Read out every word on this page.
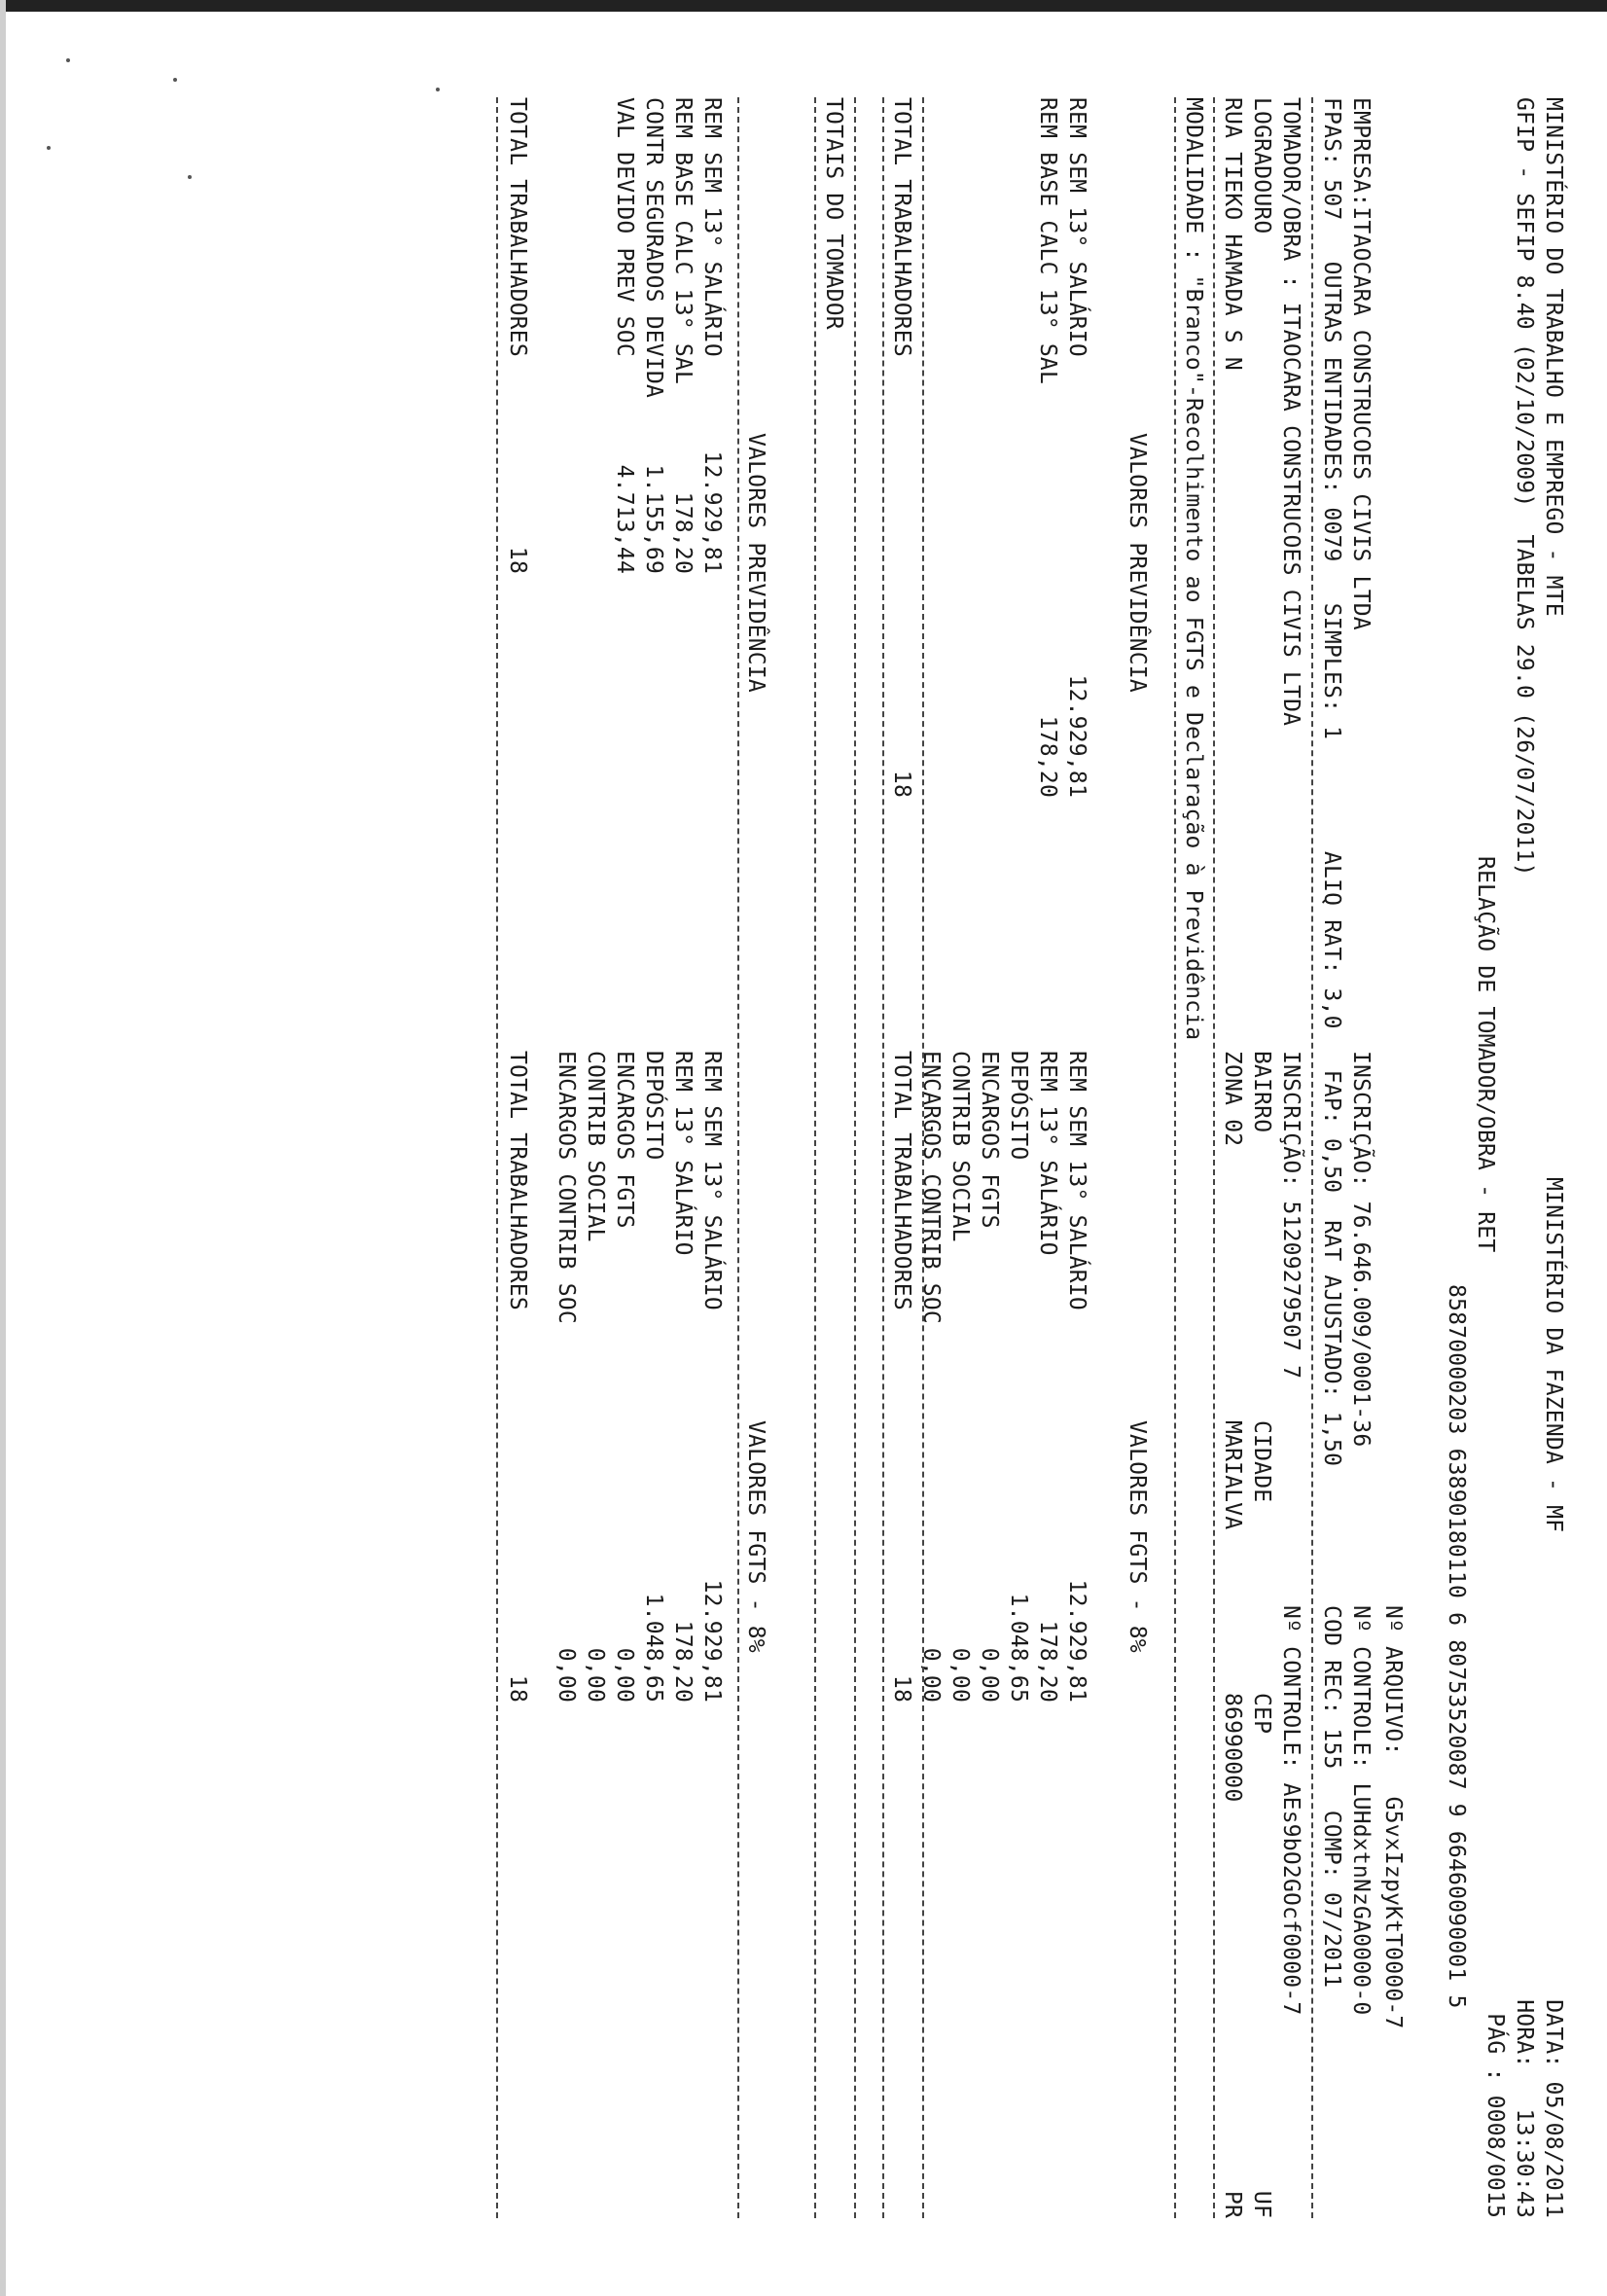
MINISTÉRIO DO TRABALHO E EMPREGO - MTE
GFIP - SEFIP 8.40 (02/10/2009)  TABELAS 29.0 (26/07/2011)
MINISTÉRIO DA FAZENDA - MF
RELAÇÃO DE TOMADOR/OBRA - RET
85870000203 63890180110 6 80753520087 9 66460090001 5
DATA: 05/08/2011
HORA:   13:30:43
PÁG : 0008/0015
Nº ARQUIVO:   G5vxIzpyKtT0000-7
EMPRESA:ITAOCARA CONSTRUCOES CIVIS LTDA
INSCRIÇÃO: 76.646.009/0001-36
Nº CONTROLE: LUHdxtnNzGA0000-0
FPAS: 507   OUTRAS ENTIDADES: 0079   SIMPLES: 1
ALIQ RAT: 3,0   FAP: 0,50  RAT AJUSTADO: 1,50
COD REC: 155   COMP: 07/2011
TOMADOR/OBRA : ITAOCARA CONSTRUCOES CIVIS LTDA
INSCRIÇÃO: 51209279507 7
Nº CONTROLE: AEs9bO2GOcf0000-7
LOGRADOURO
BAIRRO
CIDADE
CEP
UF
RUA TIEKO HAMADA S N
ZONA 02
MARIALVA
86990000
PR
MODALIDADE : "Branco"-Recolhimento ao FGTS e Declaração à Previdência
VALORES PREVIDÊNCIA
VALORES FGTS - 8%
REM SEM 13° SALÁRIO
12.929,81
REM BASE CALC 13° SAL
178,20
REM SEM 13° SALÁRIO
12.929,81
REM 13° SALÁRIO
178,20
DEPÓSITO
1.048,65
ENCARGOS FGTS
0,00
CONTRIB SOCIAL
0,00
ENCARGOS CONTRIB SOC
0,00
TOTAL TRABALHADORES
18
TOTAL TRABALHADORES
18
TOTAIS DO TOMADOR
VALORES PREVIDÊNCIA
VALORES FGTS - 8%
REM SEM 13° SALÁRIO
12.929,81
REM BASE CALC 13° SAL
178,20
CONTR SEGURADOS DEVIDA
1.155,69
VAL DEVIDO PREV SOC
4.713,44
REM SEM 13° SALÁRIO
12.929,81
REM 13° SALÁRIO
178,20
DEPÓSITO
1.048,65
ENCARGOS FGTS
0,00
CONTRIB SOCIAL
0,00
ENCARGOS CONTRIB SOC
0,00
TOTAL TRABALHADORES
18
TOTAL TRABALHADORES
18
